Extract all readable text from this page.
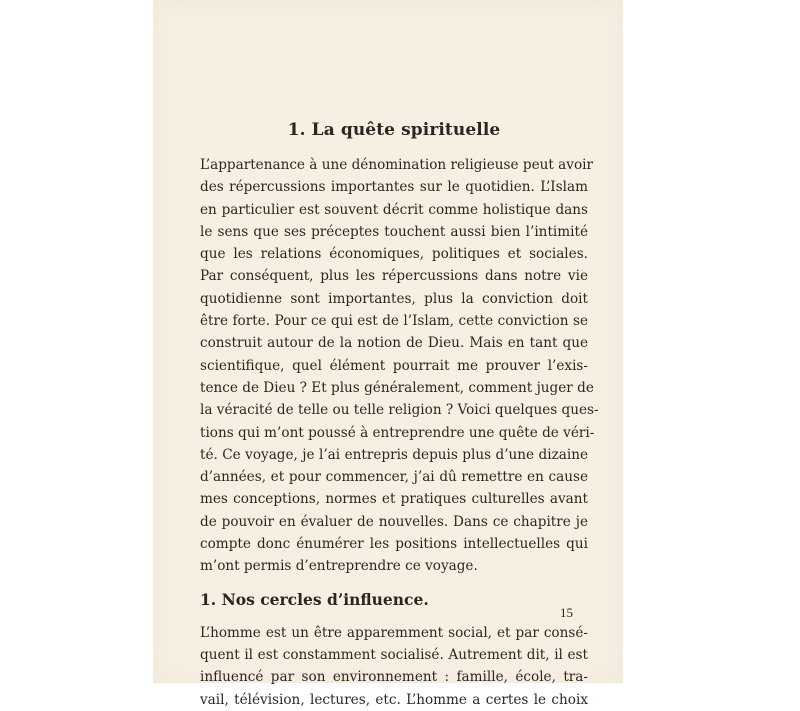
1. La quête spirituelle

L’appartenance à une dénomination religieuse peut avoir
des répercussions importantes sur le quotidien. L’Islam
en particulier est souvent décrit comme holistique dans
le sens que ses préceptes touchent aussi bien l’intimité
que les relations économiques, politiques et sociales.
Par conséquent, plus les répercussions dans notre vie
quotidienne sont importantes, plus la conviction doit
être forte. Pour ce qui est de l’Islam, cette conviction se
construit autour de la notion de Dieu. Mais en tant que
scientifique, quel élément pourrait me prouver l’exis-
tence de Dieu ? Et plus généralement, comment juger de
la véracité de telle ou telle religion ? Voici quelques ques-
tions qui m’ont poussé à entreprendre une quête de véri-
té. Ce voyage, je l’ai entrepris depuis plus d’une dizaine
d’années, et pour commencer, j’ai dû remettre en cause
mes conceptions, normes et pratiques culturelles avant
de pouvoir en évaluer de nouvelles. Dans ce chapitre je
compte donc énumérer les positions intellectuelles qui
m’ont permis d’entreprendre ce voyage.

1. Nos cercles d’influence.

L’homme est un être apparemment social, et par consé-
quent il est constamment socialisé. Autrement dit, il est
influencé par son environnement : famille, école, tra-
vail, télévision, lectures, etc. L’homme a certes le choix

15
